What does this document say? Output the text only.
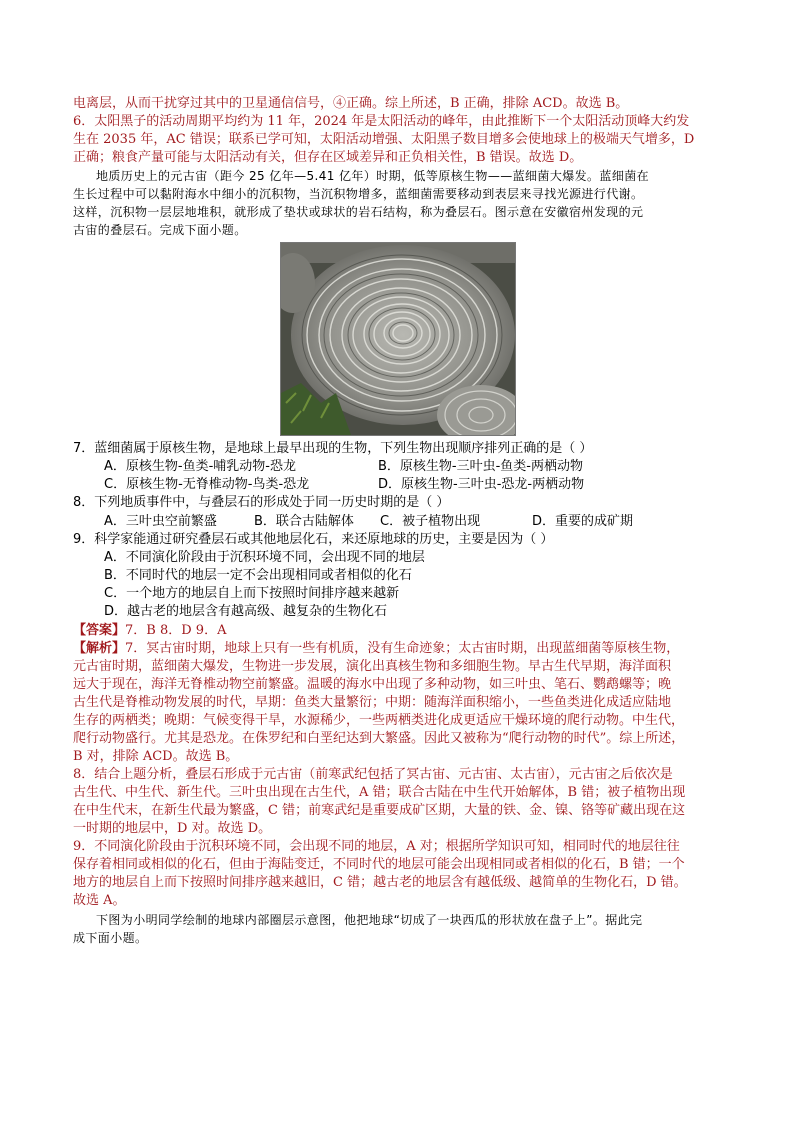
电离层，从而干扰穿过其中的卫星通信信号，④正确。综上所述，B 正确，排除 ACD。故选 B。
6．太阳黑子的活动周期平均约为 11 年，2024 年是太阳活动的峰年，由此推断下一个太阳活动顶峰大约发
生在 2035 年，AC 错误；联系已学可知，太阳活动增强、太阳黑子数目增多会使地球上的极端天气增多，D
正确；粮食产量可能与太阳活动有关，但存在区域差异和正负相关性，B 错误。故选 D。
地质历史上的元古宙（距今 25 亿年—5.41 亿年）时期，低等原核生物——蓝细菌大爆发。蓝细菌在
生长过程中可以黏附海水中细小的沉积物，当沉积物增多，蓝细菌需要移动到表层来寻找光源进行代谢。
这样，沉积物一层层地堆积，就形成了垫状或球状的岩石结构，称为叠层石。图示意在安徽宿州发现的元
古宙的叠层石。完成下面小题。
7．蓝细菌属于原核生物，是地球上最早出现的生物，下列生物出现顺序排列正确的是（ ）
A．原核生物-鱼类-哺乳动物-恐龙	B．原核生物-三叶虫-鱼类-两栖动物
C．原核生物-无脊椎动物-鸟类-恐龙	D．原核生物-三叶虫-恐龙-两栖动物
8．下列地质事件中，与叠层石的形成处于同一历史时期的是（ ）
A．三叶虫空前繁盛	B．联合古陆解体 C．被子植物出现	D．重要的成矿期
9．科学家能通过研究叠层石或其他地层化石，来还原地球的历史，主要是因为（ ）
A．不同演化阶段由于沉积环境不同，会出现不同的地层
B．不同时代的地层一定不会出现相同或者相似的化石
C．一个地方的地层自上而下按照时间排序越来越新
D．越古老的地层含有越高级、越复杂的生物化石
【答案】7．B 8．D 9．A
【解析】7．冥古宙时期，地球上只有一些有机质，没有生命迹象；太古宙时期，出现蓝细菌等原核生物，
元古宙时期，蓝细菌大爆发，生物进一步发展，演化出真核生物和多细胞生物。早古生代早期，海洋面积
远大于现在，海洋无脊椎动物空前繁盛。温暖的海水中出现了多种动物，如三叶虫、笔石、鹦鹉螺等；晚
古生代是脊椎动物发展的时代，早期：鱼类大量繁衍；中期：随海洋面积缩小，一些鱼类进化成适应陆地
生存的两栖类；晚期：气候变得干旱，水源稀少，一些两栖类进化成更适应干燥环境的爬行动物。中生代，
爬行动物盛行。尤其是恐龙。在侏罗纪和白垩纪达到大繁盛。因此又被称为“爬行动物的时代”。综上所述，
B 对，排除 ACD。故选 B。
8．结合上题分析，叠层石形成于元古宙（前寒武纪包括了冥古宙、元古宙、太古宙），元古宙之后依次是
古生代、中生代、新生代。三叶虫出现在古生代，A 错；联合古陆在中生代开始解体，B 错；被子植物出现
在中生代末，在新生代最为繁盛，C 错；前寒武纪是重要成矿区期，大量的铁、金、镍、铬等矿藏出现在这
一时期的地层中，D 对。故选 D。
9．不同演化阶段由于沉积环境不同，会出现不同的地层，A 对；根据所学知识可知，相同时代的地层往往
保存着相同或相似的化石，但由于海陆变迁，不同时代的地层可能会出现相同或者相似的化石，B 错；一个
地方的地层自上而下按照时间排序越来越旧，C 错；越古老的地层含有越低级、越简单的生物化石，D 错。
故选 A。
下图为小明同学绘制的地球内部圈层示意图，他把地球“切成了一块西瓜的形状放在盘子上”。据此完
成下面小题。
